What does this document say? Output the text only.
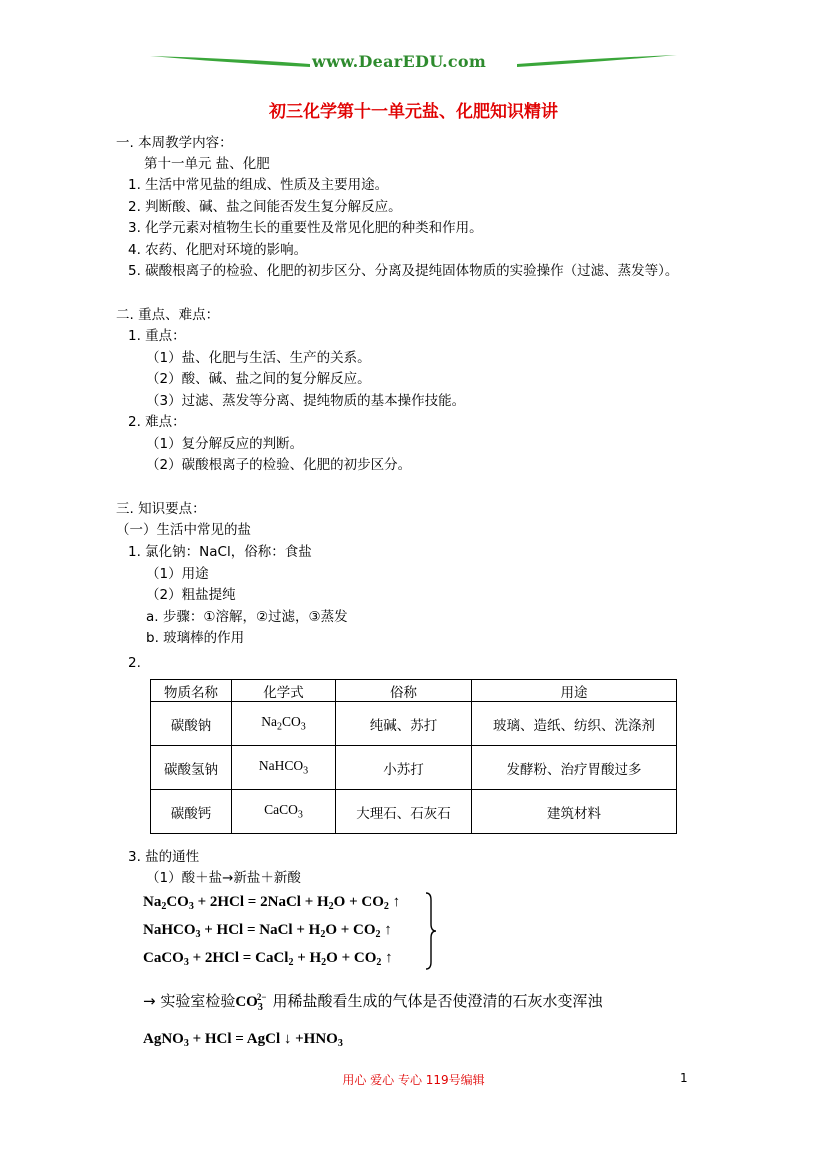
www.DearEDU.com
初三化学第十一单元盐、化肥知识精讲
一. 本周教学内容：
第十一单元 盐、化肥
1. 生活中常见盐的组成、性质及主要用途。
2. 判断酸、碱、盐之间能否发生复分解反应。
3. 化学元素对植物生长的重要性及常见化肥的种类和作用。
4. 农药、化肥对环境的影响。
5. 碳酸根离子的检验、化肥的初步区分、分离及提纯固体物质的实验操作（过滤、蒸发等）。
二. 重点、难点：
1. 重点：
（1）盐、化肥与生活、生产的关系。
（2）酸、碱、盐之间的复分解反应。
（3）过滤、蒸发等分离、提纯物质的基本操作技能。
2. 难点：
（1）复分解反应的判断。
（2）碳酸根离子的检验、化肥的初步区分。
三. 知识要点：
（一）生活中常见的盐
1. 氯化钠：NaCl，俗称：食盐
（1）用途
（2）粗盐提纯
a. 步骤：①溶解，②过滤，③蒸发
b. 玻璃棒的作用
2.
物质名称	化学式	俗称	用途
碳酸钠	$Na_2CO_3$	纯碱、苏打	玻璃、造纸、纺织、洗涤剂
碳酸氢钠	NaHCO$_3$	小苏打	发酵粉、治疗胃酸过多
碳酸钙	CaCO$_3$	大理石、石灰石	建筑材料
3. 盐的通性
（1）酸＋盐→新盐＋新酸
$Na_2CO_3 + 2HCl$ = 2NaCl + $H_2O + CO_2$ ↑
NaHCO$_3$ + HCl = NaCl + $H_2O + CO_2$ ↑
CaCO$_3$ + 2HCl = CaCl$_2$ + $H_2O + CO_2$ ↑
→ 实验室检验$CO_3^{2-}$ 用稀盐酸看生成的气体是否使澄清的石灰水变浑浊
AgNO$_3$ + HCl = AgCl ↓ $+HNO_3$
用心 爱心 专心 119号编辑	1
